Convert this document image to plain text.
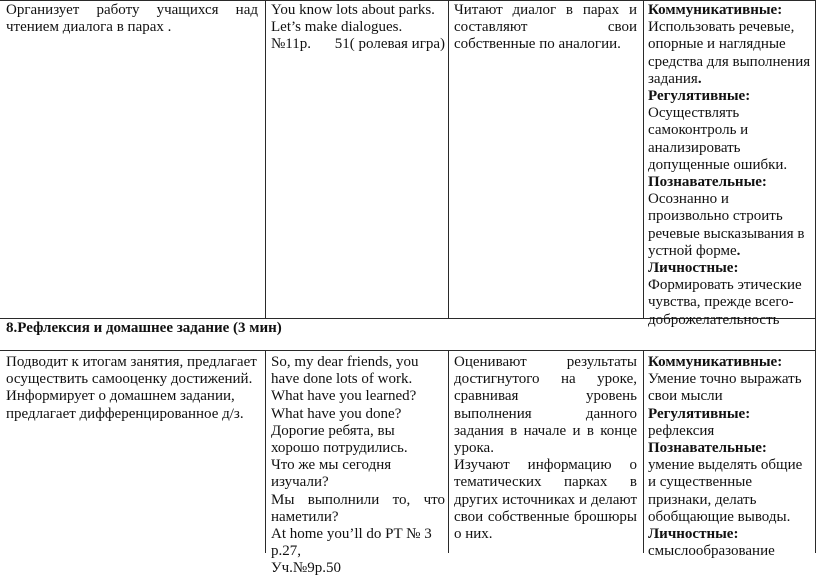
Организует работу учащихся над чтением диалога в парах .

You know lots about parks.
Let’s make dialogues.
№11р. 51( ролевая игра)

Читают диалог в парах и составляют свои собственные по аналогии.

Коммуникативные:
Использовать речевые, опорные и наглядные средства для выполнения задания.
Регулятивные:
Осуществлять самоконтроль и анализировать допущенные ошибки.
Познавательные:
Осознанно и произвольно строить речевые высказывания в устной форме.
Личностные:
Формировать этические чувства, прежде всего- доброжелательность
8.Рефлексия и домашнее задание (3 мин)

Подводит к итогам занятия, предлагает осуществить самооценку достижений. Информирует о домашнем задании, предлагает дифференцированное д/з.

So, my dear friends, you have done lots of work.
What have you learned?
What have you done?
Дорогие ребята, вы хорошо потрудились.
Что же мы сегодня изучали?
Мы выполнили то, что наметили?
At home you’ll do PT № 3 р.27,
Уч.№9р.50

Оценивают результаты достигнутого на уроке, сравнивая уровень выполнения данного задания в начале и в конце урока.

Изучают информацию о тематических парках в других источниках и делают свои собственные брошюры о них.

Коммуникативные:
Умение точно выражать свои мысли
Регулятивные:
рефлексия
Познавательные:
умение выделять общие и существенные признаки, делать обобщающие выводы.
Личностные:
смыслообразование
